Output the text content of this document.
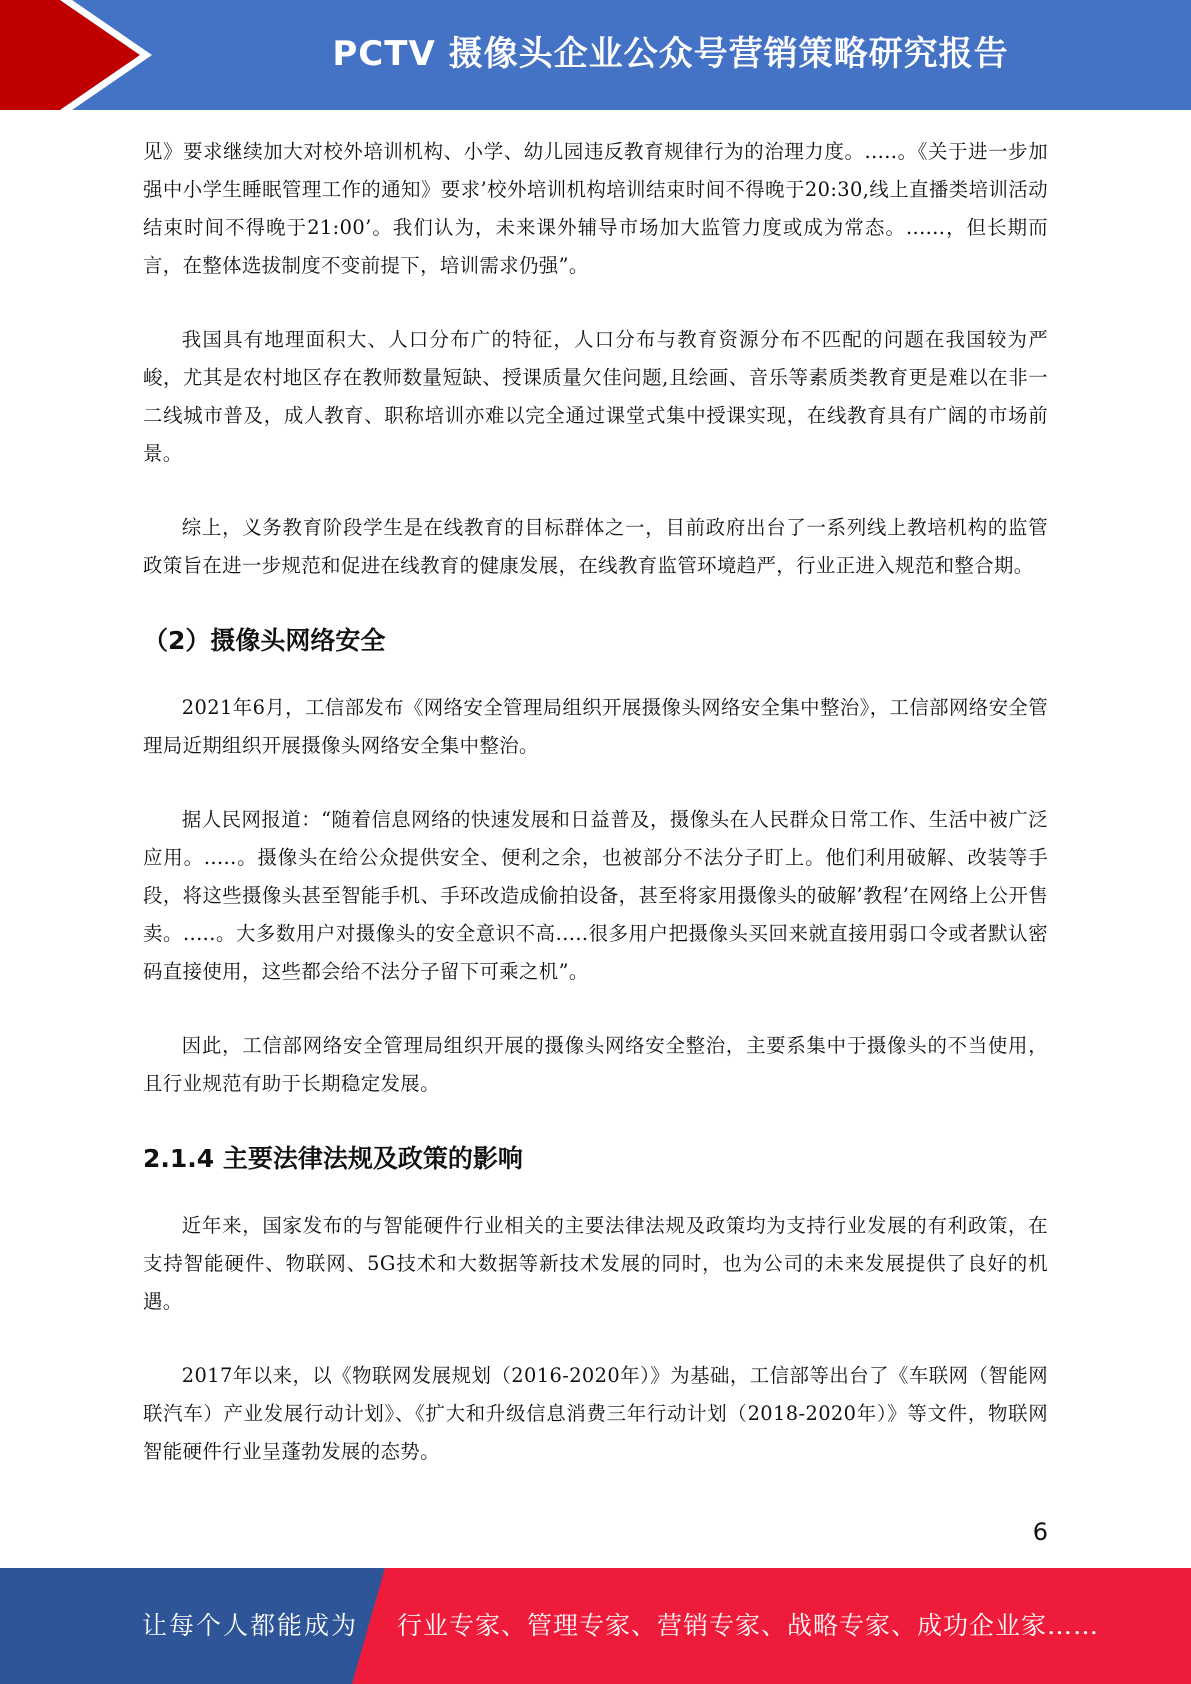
PCTV 摄像头企业公众号营销策略研究报告

见》要求继续加大对校外培训机构、小学、幼儿园违反教育规律行为的治理力度。.....。《关于进一步加强中小学生睡眠管理工作的通知》要求’校外培训机构培训结束时间不得晚于20:30,线上直播类培训活动结束时间不得晚于21:00’。我们认为，未来课外辅导市场加大监管力度或成为常态。......，但长期而言，在整体选拔制度不变前提下，培训需求仍强”。

我国具有地理面积大、人口分布广的特征，人口分布与教育资源分布不匹配的问题在我国较为严峻，尤其是农村地区存在教师数量短缺、授课质量欠佳问题,且绘画、音乐等素质类教育更是难以在非一二线城市普及，成人教育、职称培训亦难以完全通过课堂式集中授课实现，在线教育具有广阔的市场前景。

综上，义务教育阶段学生是在线教育的目标群体之一，目前政府出台了一系列线上教培机构的监管政策旨在进一步规范和促进在线教育的健康发展，在线教育监管环境趋严，行业正进入规范和整合期。

（2）摄像头网络安全

2021年6月，工信部发布《网络安全管理局组织开展摄像头网络安全集中整治》，工信部网络安全管理局近期组织开展摄像头网络安全集中整治。

据人民网报道：“随着信息网络的快速发展和日益普及，摄像头在人民群众日常工作、生活中被广泛应用。.....。摄像头在给公众提供安全、便利之余，也被部分不法分子盯上。他们利用破解、改装等手段，将这些摄像头甚至智能手机、手环改造成偷拍设备，甚至将家用摄像头的破解’教程’在网络上公开售卖。.....。大多数用户对摄像头的安全意识不高.....很多用户把摄像头买回来就直接用弱口令或者默认密码直接使用，这些都会给不法分子留下可乘之机”。

因此，工信部网络安全管理局组织开展的摄像头网络安全整治，主要系集中于摄像头的不当使用，且行业规范有助于长期稳定发展。

2.1.4 主要法律法规及政策的影响

近年来，国家发布的与智能硬件行业相关的主要法律法规及政策均为支持行业发展的有利政策，在支持智能硬件、物联网、5G技术和大数据等新技术发展的同时，也为公司的未来发展提供了良好的机遇。

2017年以来，以《物联网发展规划（2016-2020年）》为基础，工信部等出台了《车联网（智能网联汽车）产业发展行动计划》、《扩大和升级信息消费三年行动计划（2018-2020年）》等文件，物联网智能硬件行业呈蓬勃发展的态势。

6
让每个人都能成为 行业专家、管理专家、营销专家、战略专家、成功企业家……
